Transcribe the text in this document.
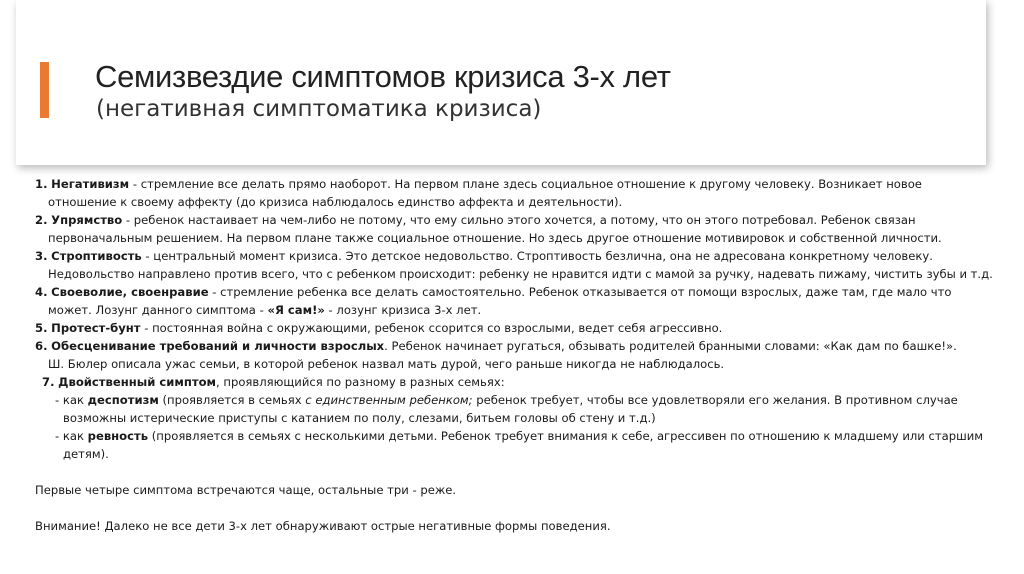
Семизвездие симптомов кризиса 3-х лет
(негативная симптоматика кризиса)
1. Негативизм - стремление все делать прямо наоборот. На первом плане здесь социальное отношение к другому человеку. Возникает новое
отношение к своему аффекту (до кризиса наблюдалось единство аффекта и деятельности).
2. Упрямство - ребенок настаивает на чем-либо не потому, что ему сильно этого хочется, а потому, что он этого потребовал. Ребенок связан
первоначальным решением. На первом плане также социальное отношение. Но здесь другое отношение мотивировок и собственной личности.
3. Строптивость - центральный момент кризиса. Это детское недовольство. Строптивость безлична, она не адресована конкретному человеку.
Недовольство направлено против всего, что с ребенком происходит: ребенку не нравится идти с мамой за ручку, надевать пижаму, чистить зубы и т.д.
4. Своеволие, своенравие - стремление ребенка все делать самостоятельно. Ребенок отказывается от помощи взрослых, даже там, где мало что
может. Лозунг данного симптома - «Я сам!» - лозунг кризиса 3-х лет.
5. Протест-бунт - постоянная война с окружающими, ребенок ссорится со взрослыми, ведет себя агрессивно.
6. Обесценивание требований и личности взрослых. Ребенок начинает ругаться, обзывать родителей бранными словами: «Как дам по башке!».
Ш. Бюлер описала ужас семьи, в которой ребенок назвал мать дурой, чего раньше никогда не наблюдалось.
7. Двойственный симптом, проявляющийся по разному в разных семьях:
- как деспотизм (проявляется в семьях с единственным ребенком; ребенок требует, чтобы все удовлетворяли его желания. В противном случае
возможны истерические приступы с катанием по полу, слезами, битьем головы об стену и т.д.)
- как ревность (проявляется в семьях с несколькими детьми. Ребенок требует внимания к себе, агрессивен по отношению к младшему или старшим
детям).
Первые четыре симптома встречаются чаще, остальные три - реже.
Внимание! Далеко не все дети 3-х лет обнаруживают острые негативные формы поведения.
